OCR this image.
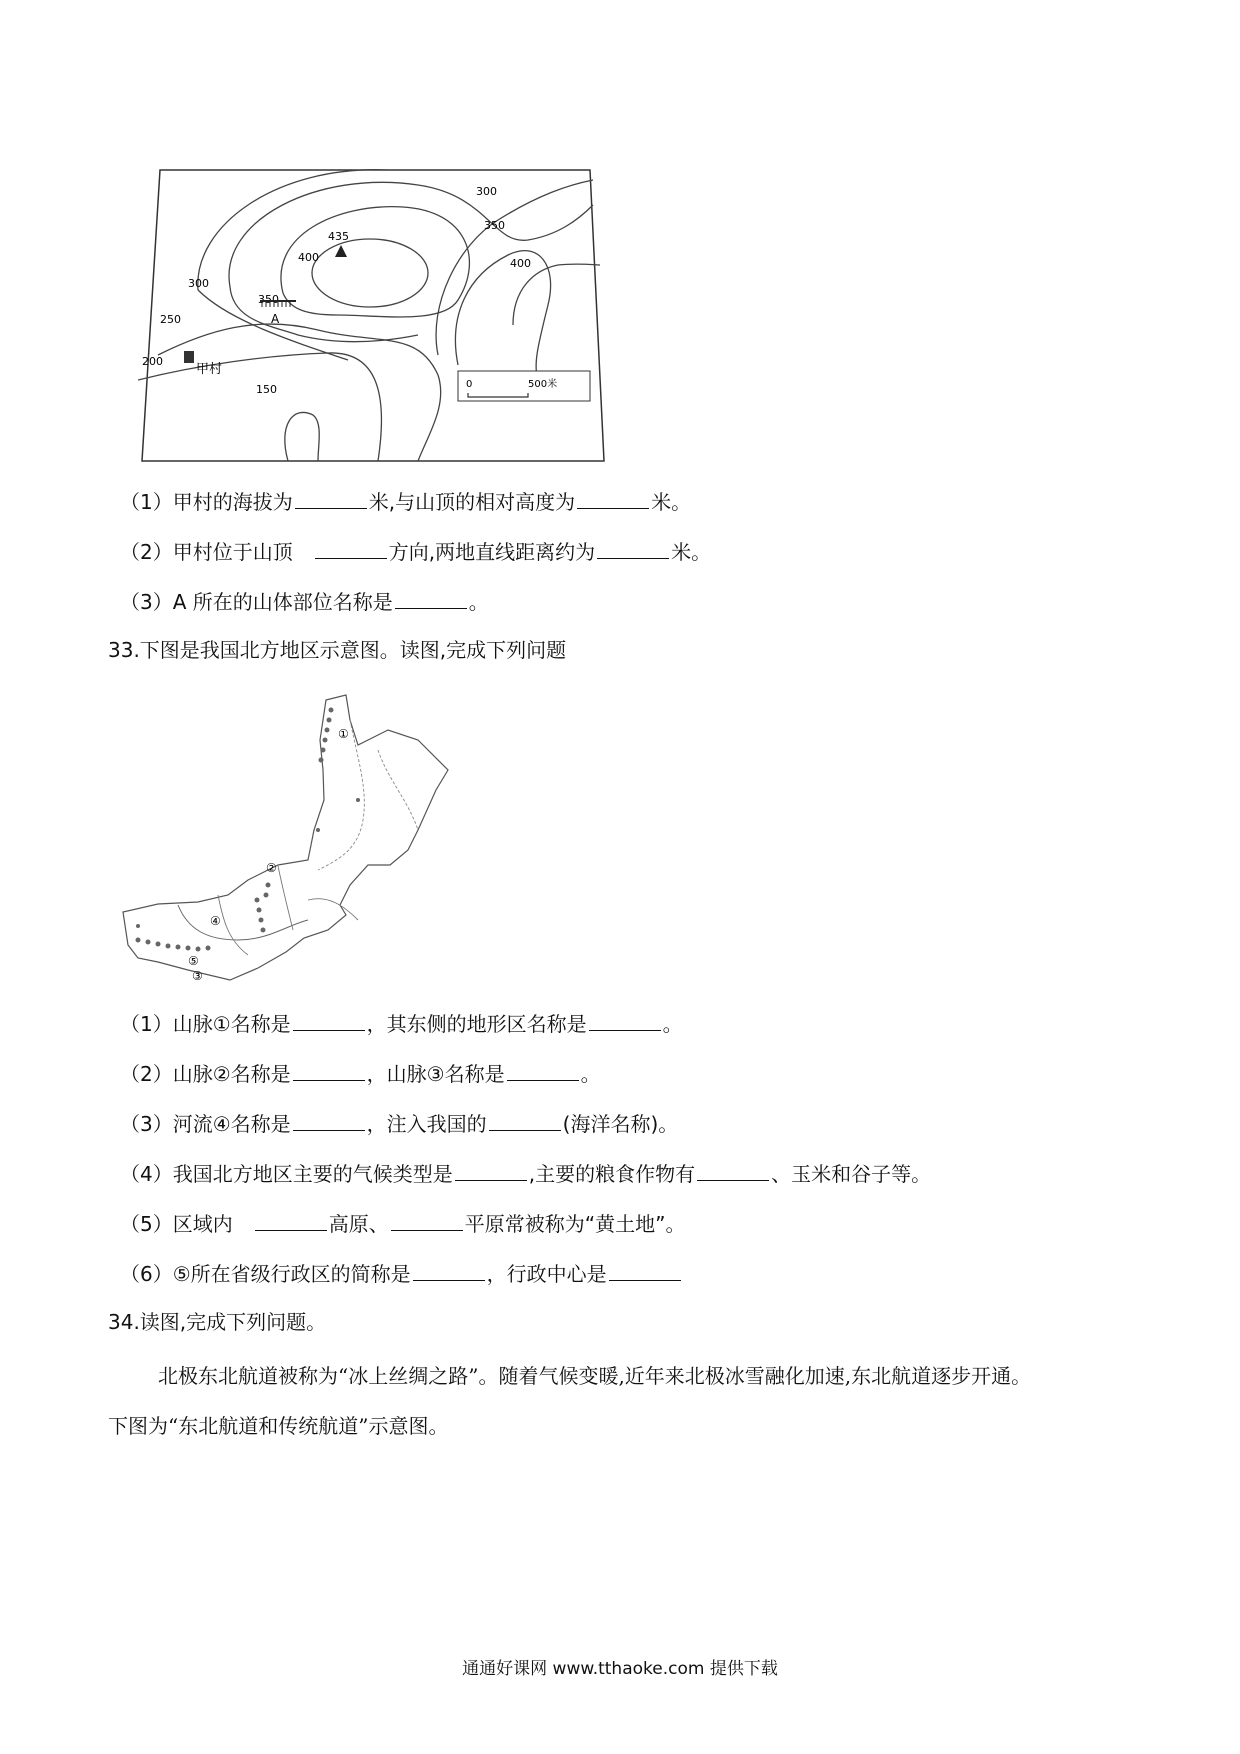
435
400
350
300
250
200
150
300
350
400
A
甲村
0	500米
（1）甲村的海拔为	米,与山顶的相对高度为	米。
（2）甲村位于山顶　	方向,两地直线距离约为	米。
（3）A 所在的山体部位名称是	。
33.下图是我国北方地区示意图。读图,完成下列问题
①
②
③
④
⑤
（1）山脉①名称是	，其东侧的地形区名称是	。
（2）山脉②名称是	，山脉③名称是	。
（3）河流④名称是	，注入我国的	(海洋名称)。
（4）我国北方地区主要的气候类型是	,主要的粮食作物有	、玉米和谷子等。
（5）区域内　	高原、	平原常被称为“黄土地”。
（6）⑤所在省级行政区的简称是	，行政中心是
34.读图,完成下列问题。
北极东北航道被称为“冰上丝绸之路”。随着气候变暖,近年来北极冰雪融化加速,东北航道逐步开通。
下图为“东北航道和传统航道”示意图。
通通好课网 www.tthaoke.com 提供下载
